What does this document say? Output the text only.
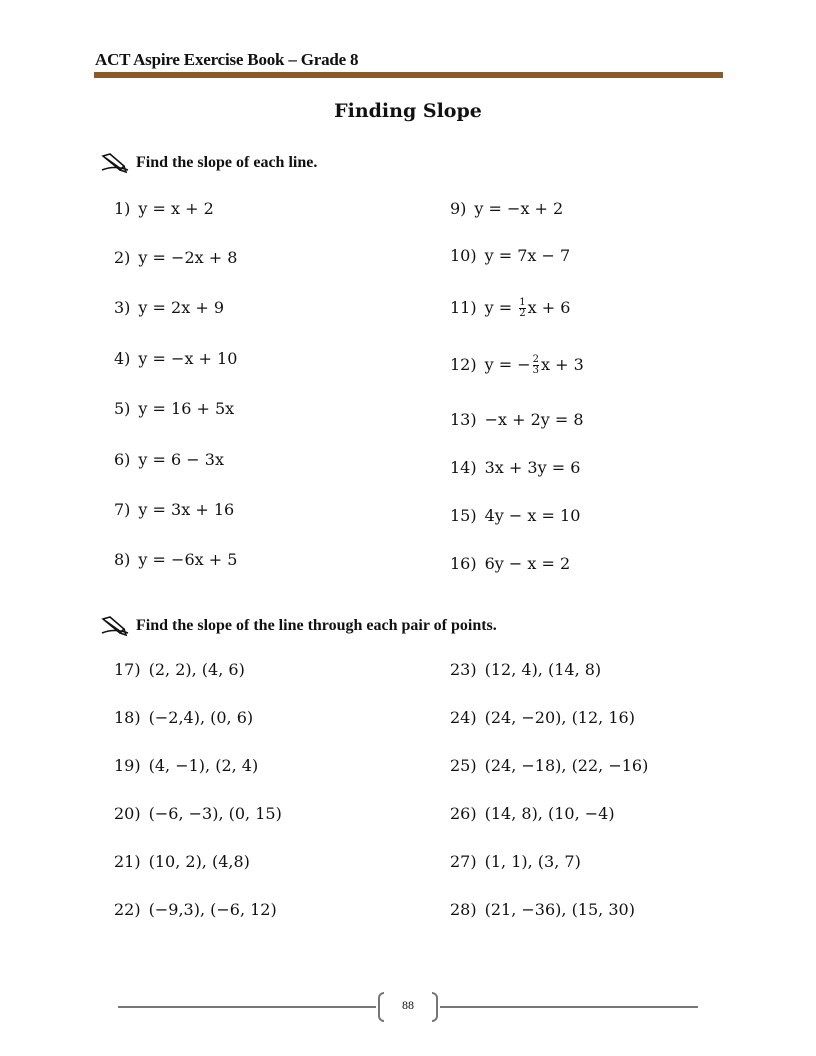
ACT Aspire Exercise Book – Grade 8
Finding Slope
Find the slope of each line.
1) y = x + 2
2) y = −2x + 8
3) y = 2x + 9
4) y = −x + 10
5) y = 16 + 5x
6) y = 6 − 3x
7) y = 3x + 16
8) y = −6x + 5
9) y = −x + 2
10) y = 7x − 7
11) $y = \frac{1}{2}$ x + 6
12) y = − $\frac{2}{3}$ x + 3
13) −x + 2y = 8
14) 3x + 3y = 6
15) 4y − x = 10
16) 6y − x = 2
Find the slope of the line through each pair of points.
17) (2, 2), (4, 6)
18) (−2,4), (0, 6)
19) (4, −1), (2, 4)
20) (−6, −3), (0, 15)
21) (10, 2), (4,8)
22) (−9,3), (−6, 12)
23) (12, 4), (14, 8)
24) (24, −20), (12, 16)
25) (24, −18), (22, −16)
26) (14, 8), (10, −4)
27) (1, 1), (3, 7)
28) (21, −36), (15, 30)
88
